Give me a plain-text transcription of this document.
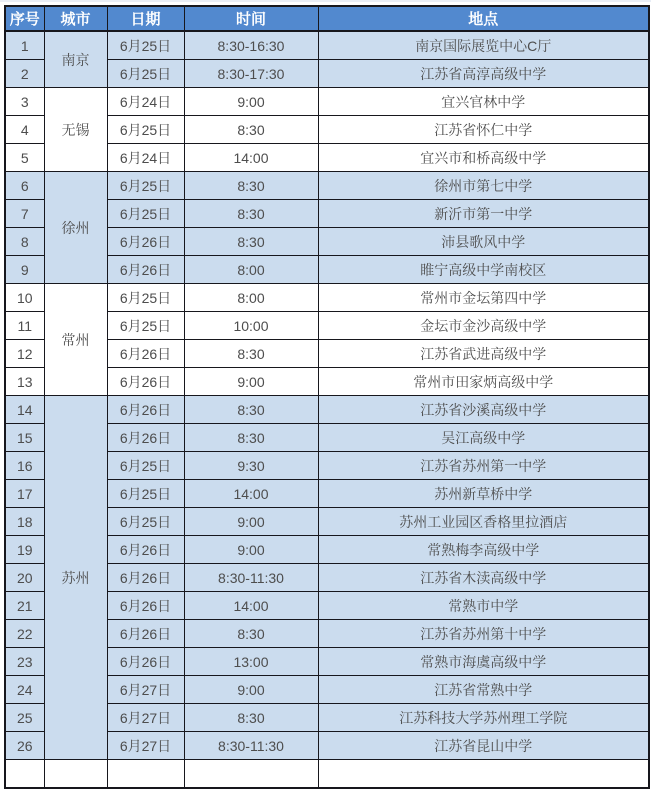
序号	城市	日期	时间	地点
1	南京	6月25日	8:30-16:30	南京国际展览中心C厅
2		6月25日	8:30-17:30	江苏省高淳高级中学
3	无锡	6月24日	9:00	宜兴官林中学
4		6月25日	8:30	江苏省怀仁中学
5		6月24日	14:00	宜兴市和桥高级中学
6	徐州	6月25日	8:30	徐州市第七中学
7		6月25日	8:30	新沂市第一中学
8		6月26日	8:30	沛县歌风中学
9		6月26日	8:00	睢宁高级中学南校区
10	常州	6月25日	8:00	常州市金坛第四中学
11		6月25日	10:00	金坛市金沙高级中学
12		6月26日	8:30	江苏省武进高级中学
13		6月26日	9:00	常州市田家炳高级中学
14	苏州	6月26日	8:30	江苏省沙溪高级中学
15		6月26日	8:30	吴江高级中学
16		6月25日	9:30	江苏省苏州第一中学
17		6月25日	14:00	苏州新草桥中学
18		6月25日	9:00	苏州工业园区香格里拉酒店
19		6月26日	9:00	常熟梅李高级中学
20		6月26日	8:30-11:30	江苏省木渎高级中学
21		6月26日	14:00	常熟市中学
22		6月26日	8:30	江苏省苏州第十中学
23		6月26日	13:00	常熟市海虞高级中学
24		6月27日	9:00	江苏省常熟中学
25		6月27日	8:30	江苏科技大学苏州理工学院
26		6月27日	8:30-11:30	江苏省昆山中学
